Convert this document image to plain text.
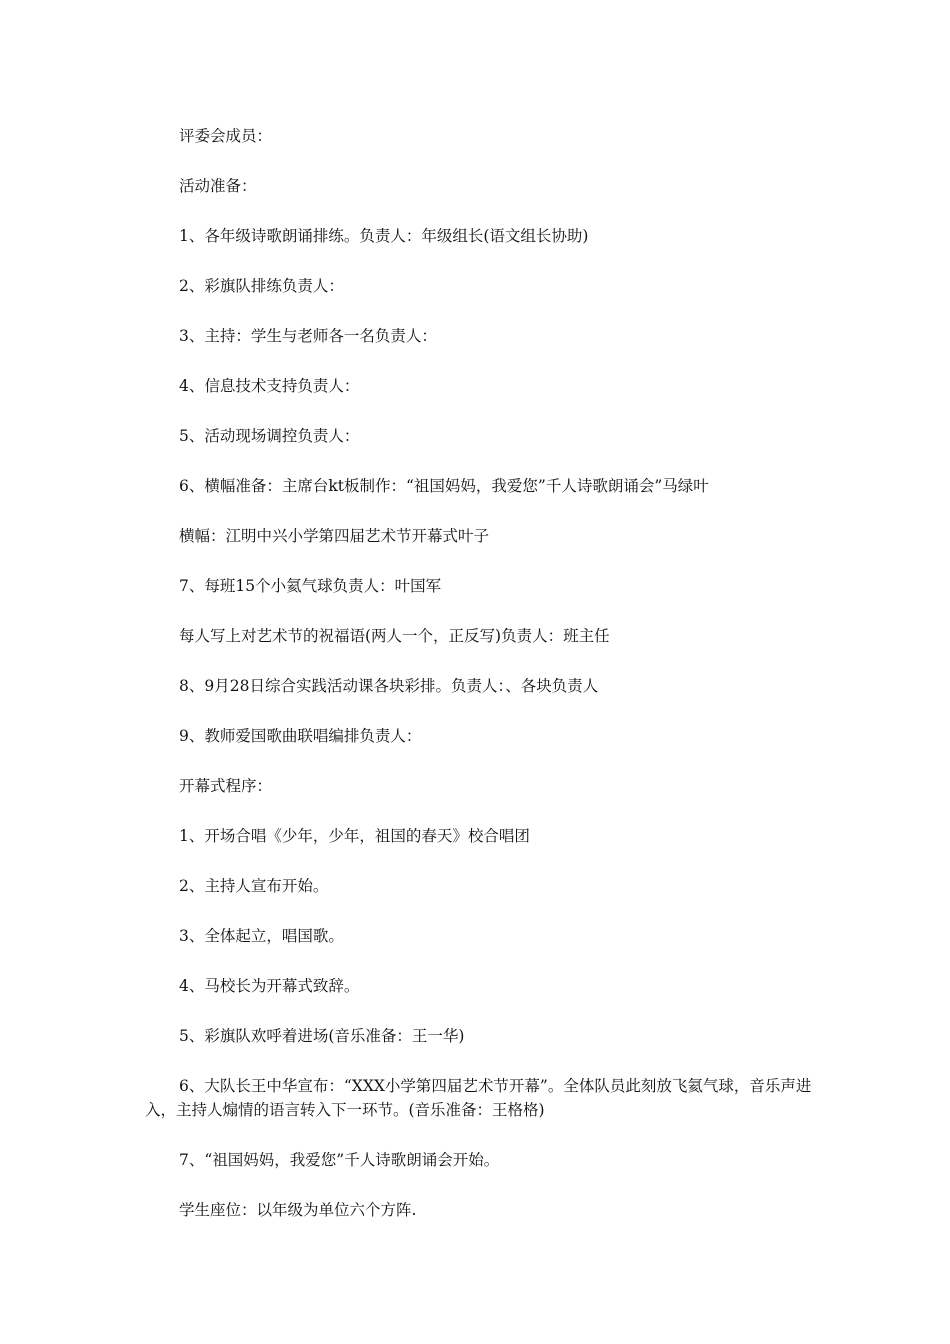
评委会成员：

活动准备：

1、各年级诗歌朗诵排练。负责人：年级组长(语文组长协助)

2、彩旗队排练负责人：

3、主持：学生与老师各一名负责人：

4、信息技术支持负责人：

5、活动现场调控负责人：

6、横幅准备：主席台kt板制作：“祖国妈妈，我爱您”千人诗歌朗诵会”马绿叶

横幅：江明中兴小学第四届艺术节开幕式叶子

7、每班15个小氦气球负责人：叶国军

每人写上对艺术节的祝福语(两人一个，正反写)负责人：班主任

8、9月28日综合实践活动课各块彩排。负责人：、各块负责人

9、教师爱国歌曲联唱编排负责人：

开幕式程序：

1、开场合唱《少年，少年，祖国的春天》校合唱团

2、主持人宣布开始。

3、全体起立，唱国歌。

4、马校长为开幕式致辞。

5、彩旗队欢呼着进场(音乐准备：王一华)

6、大队长王中华宣布：“XXX小学第四届艺术节开幕”。全体队员此刻放飞氦气球，音乐声进入，主持人煽情的语言转入下一环节。(音乐准备：王格格)

7、“祖国妈妈，我爱您”千人诗歌朗诵会开始。

学生座位：以年级为单位六个方阵.
